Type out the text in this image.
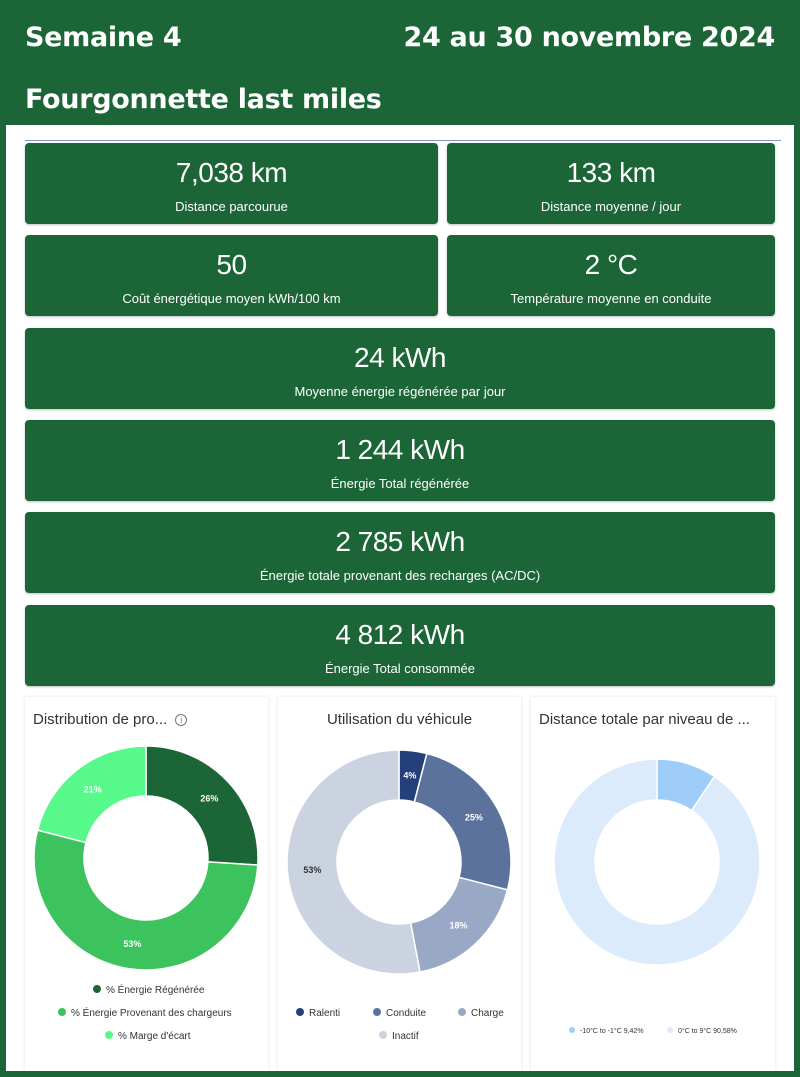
Semaine 4	24 au 30 novembre 2024
Fourgonnette last miles
7,038 km
Distance parcourue
133 km
Distance moyenne / jour
50
Coût énergétique moyen kWh/100 km
2 °C
Température moyenne en conduite
24 kWh
Moyenne énergie régénérée par jour
1 244 kWh
Énergie Total régénérée
2 785 kWh
Énergie totale provenant des recharges (AC/DC)
4 812 kWh
Énergie Total consommée
Distribution de pro... i
26%
53%
21%
% Énergie Régénérée
% Énergie Provenant des chargeurs
% Marge d'écart
Utilisation du véhicule
4%
25%
18%
53%
Ralenti	Conduite	Charge
Inactif
Distance totale par niveau de ...
-10°C to -1°C 9,42%	0°C to 9°C 90,58%
